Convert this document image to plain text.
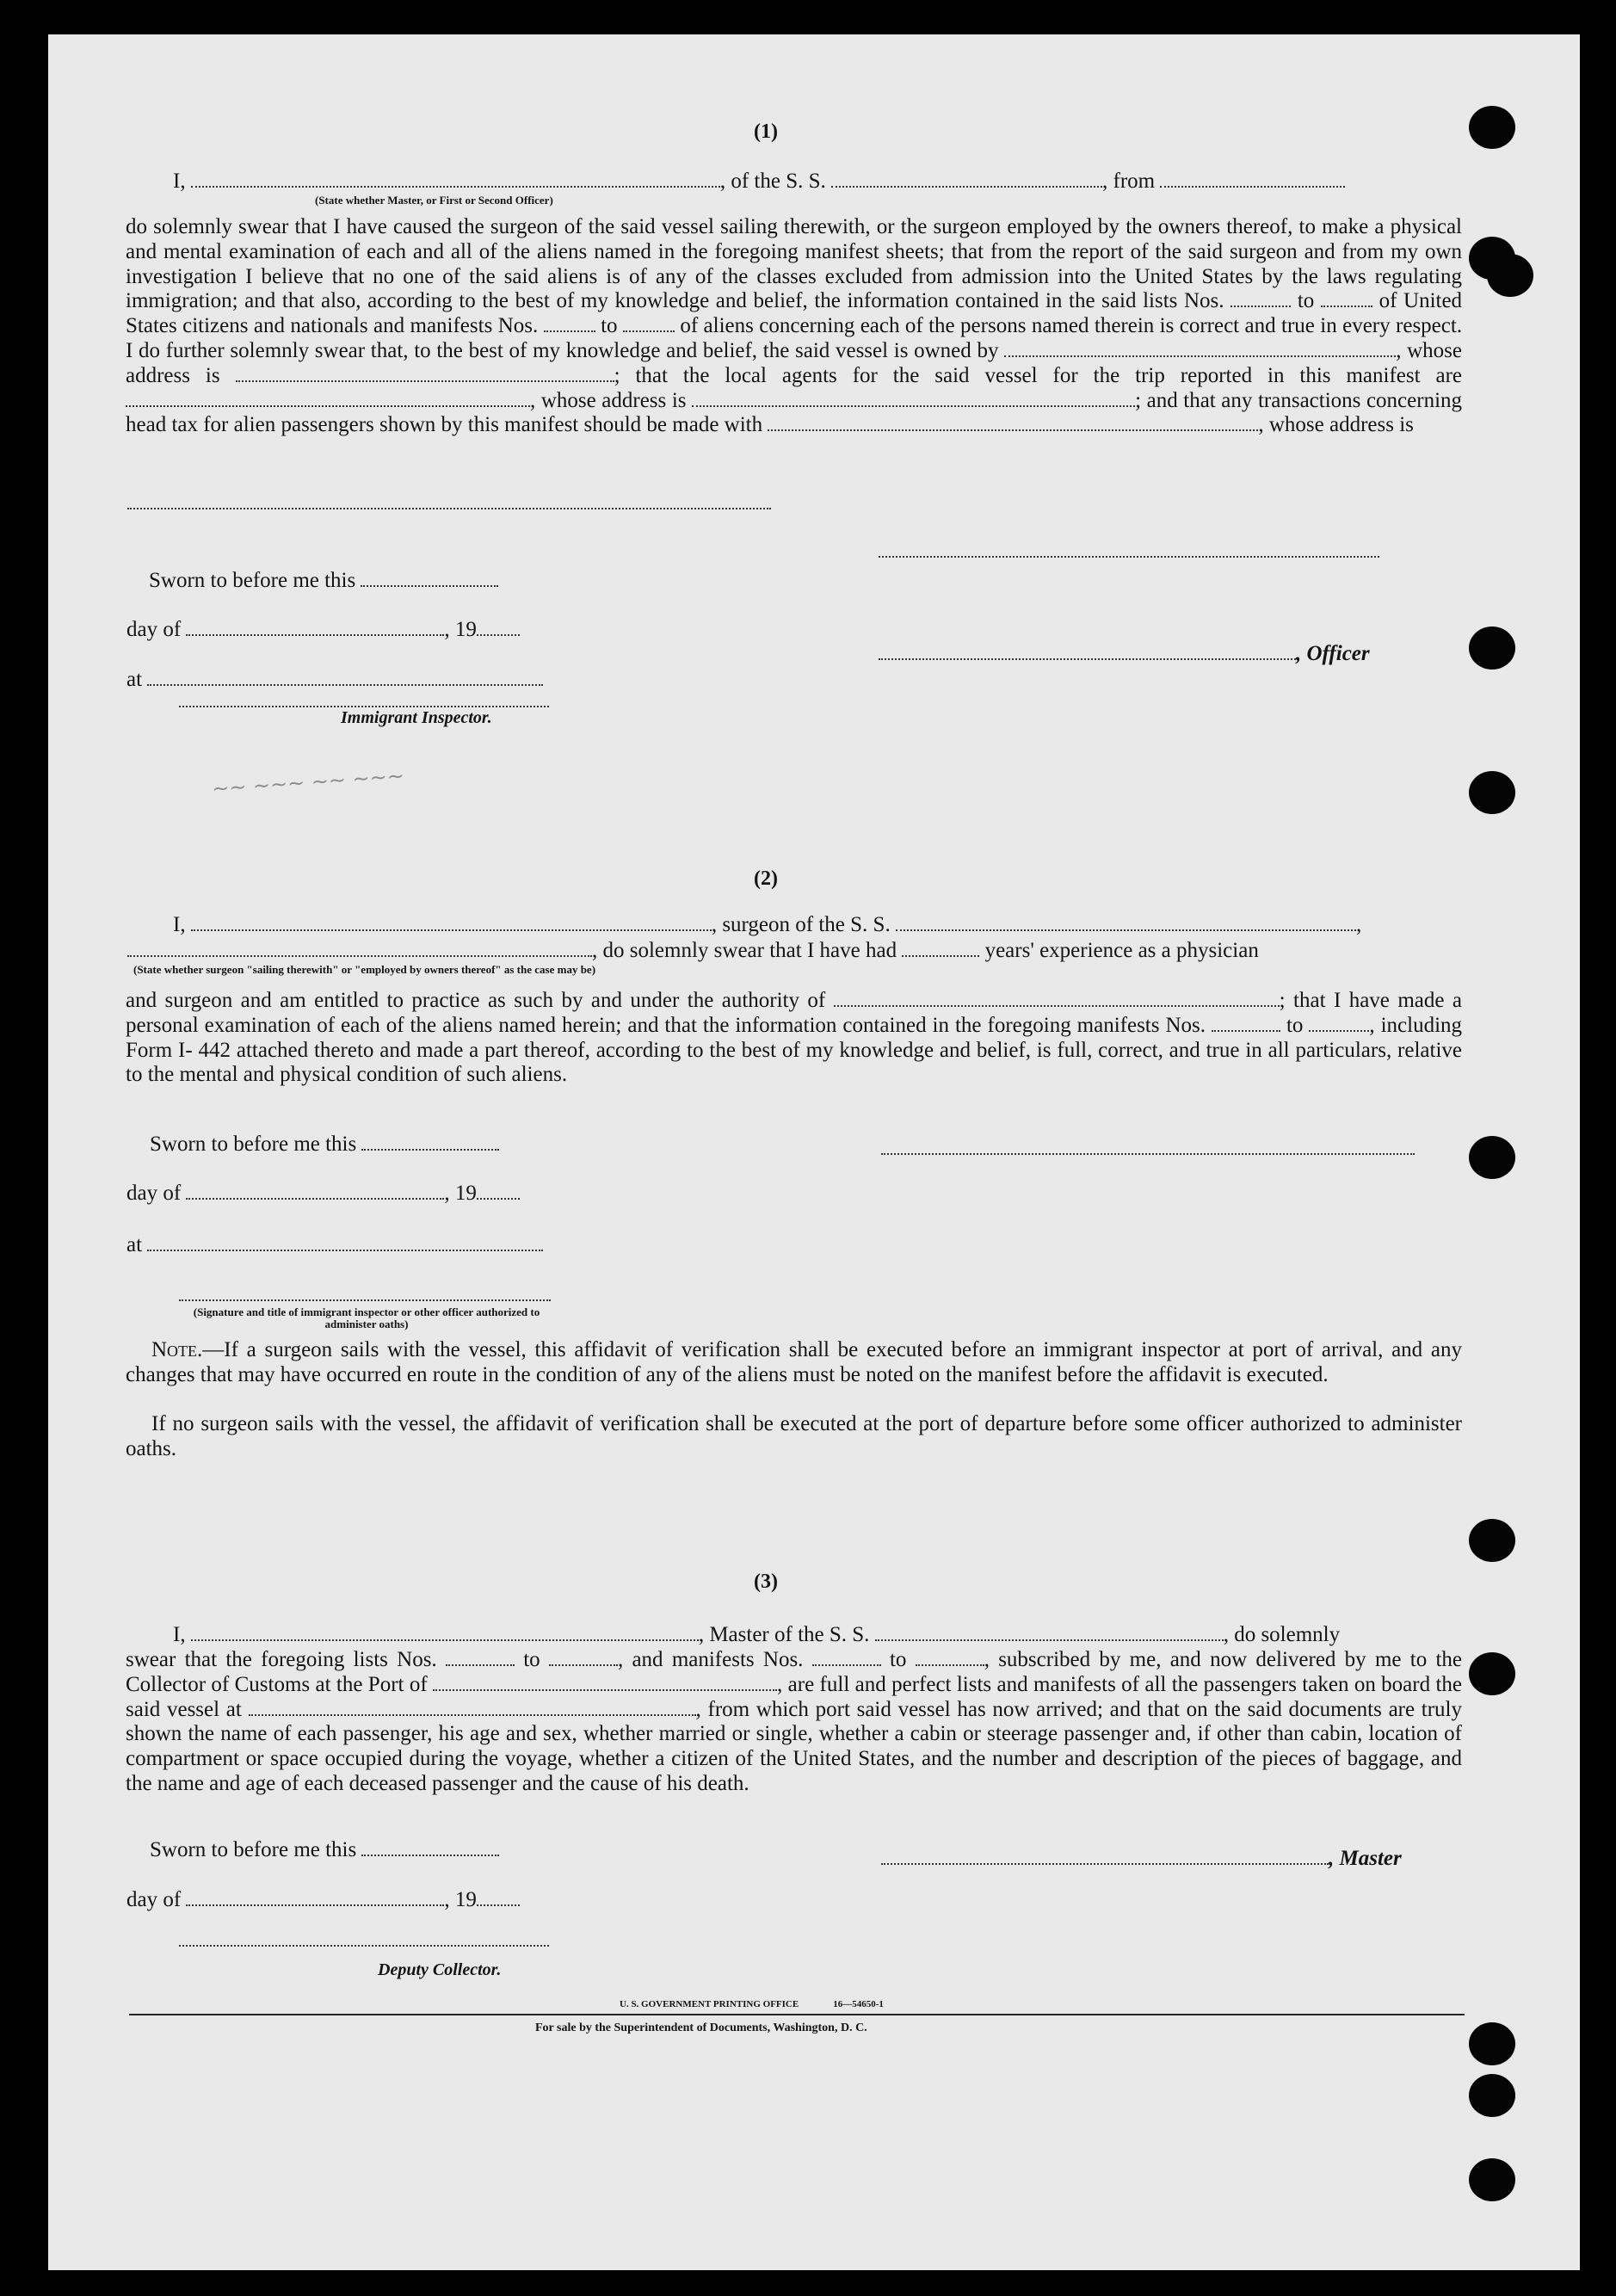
(1)
I,	, of the S. S.	, from
(State whether Master, or First or Second Officer)
do solemnly swear that I have caused the surgeon of the said vessel sailing therewith, or the surgeon employed by the owners thereof, to make a physical and mental examination of each and all of the aliens named in the foregoing manifest sheets; that from the report of the said surgeon and from my own investigation I believe that no one of the said aliens is of any of the classes excluded from admission into the United States by the laws regulating immigration; and that also, according to the best of my knowledge and belief, the information contained in the said lists Nos.	to	of United States citizens and nationals and manifests Nos.	to	of aliens concerning each of the persons named therein is correct and true in every respect. I do further solemnly swear that, to the best of my knowledge and belief, the said vessel is owned by	, whose address is	; that the local agents for the said vessel for the trip reported in this manifest are , whose address is	; and that any transactions concerning head tax for alien passengers shown by this manifest should be made with	, whose address is
Sworn to before me this
day of	, 19
, Officer
at
Immigrant Inspector.
~~ ~~~ ~~ ~~~
(2)
I,	, surgeon of the S. S.	,
, do solemnly swear that I have had	years' experience as a physician
(State whether surgeon "sailing therewith" or "employed by owners thereof" as the case may be)
and surgeon and am entitled to practice as such by and under the authority of	; that I have made a personal examination of each of the aliens named herein; and that the information contained in the foregoing manifests Nos.	to	, including Form I- 442 attached thereto and made a part thereof, according to the best of my knowledge and belief, is full, correct, and true in all particulars, relative to the mental and physical condition of such aliens.
Sworn to before me this
day of	, 19
at
(Signature and title of immigrant inspector or other officer authorized to administer oaths)
Note.—If a surgeon sails with the vessel, this affidavit of verification shall be executed before an immigrant inspector at port of arrival, and any changes that may have occurred en route in the condition of any of the aliens must be noted on the manifest before the affidavit is executed.
If no surgeon sails with the vessel, the affidavit of verification shall be executed at the port of departure before some officer authorized to administer oaths.
(3)
I,	, Master of the S. S.	, do solemnly
swear that the foregoing lists Nos.	to	, and manifests Nos.	to	, subscribed by me, and now delivered by me to the Collector of Customs at the Port of	, are full and perfect lists and manifests of all the passengers taken on board the said vessel at	, from which port said vessel has now arrived; and that on the said documents are truly shown the name of each passenger, his age and sex, whether married or single, whether a cabin or steerage passenger and, if other than cabin, location of compartment or space occupied during the voyage, whether a citizen of the United States, and the number and description of the pieces of baggage, and the name and age of each deceased passenger and the cause of his death.
Sworn to before me this	, Master
day of	, 19
Deputy Collector.
U. S. GOVERNMENT PRINTING OFFICE	16—54650-1
For sale by the Superintendent of Documents, Washington, D. C.
